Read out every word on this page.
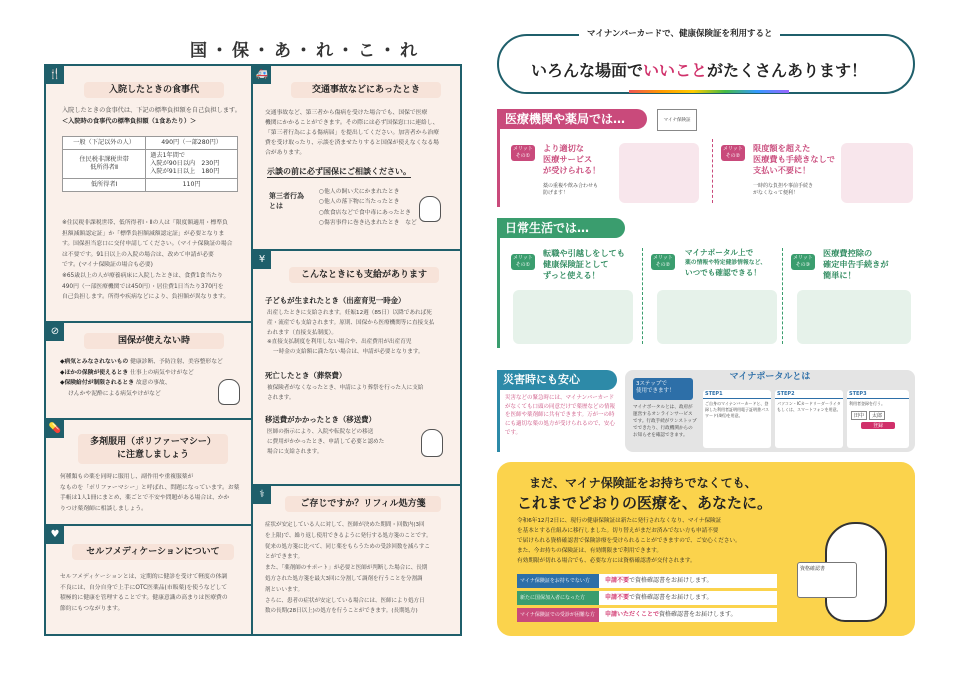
国・保・あ・れ・こ・れ
🍴
入院したときの食事代
入院したときの食事代は、下記の標準負担額を自己負担します。
＜入院時の食事代の標準負担額（1食あたり）＞
一般（下記以外の人）	490円（一部280円）
住民税非課税世帯
低所得者Ⅱ	過去1年間で
入院が90日以内　230円
入院が91日以上　180円
低所得者Ⅰ	110円
※住民税非課税世帯、低所得者Ⅰ・Ⅱの人は「限度額適用・標準負
担額減額認定証」か「標準負担額減額認定証」が必要となりま
す。国保担当窓口に交付申請してください。（マイナ保険証の場合
は不要です。91日以上の入院の場合は、改めて申請が必要
です。(マイナ保険証の場合も必要)
※65歳以上の人が療養病床に入院したときは、食費1食当たり
490円（一部医療機関では450円）・居住費1日当たり370円を
自己負担します。所得や疾病などにより、負担額が異なります。
🚑
交通事故などにあったとき
交通事故など、第三者から傷病を受けた場合でも、国保で医療
機関にかかることができます。その際には必ず国保窓口に連絡し、
「第三者行為による傷病届」を提出してください。加害者から治療
費を受け取ったり、示談を済ませたりすると国保が使えなくなる場
合があります。
示談の前に必ず国保にご相談ください。
第三者行為
とは
○他人の飼い犬にかまれたとき
○他人の落下物に当たったとき
○飲食店などで食中毒にあったとき
○傷害事件に巻き込まれたとき　など
⊘
国保が使えない時
◆病気とみなされないもの 健康診断、予防注射、美容整形など
◆ほかの保険が使えるとき 仕事上の病気やけがなど
◆保険給付が制限されるとき 故意の事故、
けんかや泥酔による病気やけがなど
💊
多剤服用（ポリファーマシー）
に注意しましょう
何種類もの薬を同時に服用し、副作用や重複服薬が
なものを「ポリファーマシー」と呼ばれ、問題になっています。お薬
手帳は1人1冊にまとめ、薬ごとで不安や問題がある場合は、かか
りつけ薬剤師に相談しましょう。
♥
セルフメディケーションについて
セルフメディケーションとは、定期的に健診を受けて軽度の体調
不良には、自分自身で上手にOTC医薬品(市販薬)を使うなどして
積極的に健康を管理することです。健康意識の高まりは医療費の
節約にもつながります。
¥
こんなときにも支給があります
子どもが生まれたとき（出産育児一時金）
出産したときに支給されます。妊娠12週（85日）以降であれば死
産・流産でも支給されます。原則、国保から医療機関等に直接支払
われます（直接支払制度）。
※直接支払制度を利用しない場合や、出産費用が出産育児
一時金の支給額に満たない場合は、申請が必要となります。
死亡したとき（葬祭費）
被保険者がなくなったとき、申請により葬祭を行った人に支給
されます。
移送費がかかったとき（移送費）
医師の指示により、入院や転院などの移送
に費用がかかったとき、申請して必要と認めた
場合に支給されます。
⚕
ご存じですか？リフィル処方箋
症状が安定している人に対して、医師が決めた期間・回数内(3回
を上限)で、繰り返し使用できるように発行する処方箋のことです。
従来の処方箋に比べて、同じ薬をもらうための受診回数を減らすこ
とができます。
また、「薬剤師のサポート」が必要と医師が判断した場合に、長期
処方された処方箋を最大3回に分割して調剤を行うことを分割調
剤といいます。
さらに、患者の症状が安定している場合には、医師により処方日
数の長期(28日以上)の処方を行うことができます。(長期処方)
マイナンバーカードで、健康保険証を利用すると
いろんな場面でいいことがたくさんあります！
医療機関や薬局では…	マイナ保険証
メリット
その①
より適切な
医療サービス
が受けられる！
薬の重複や飲み合わせも
防げます！
メリット
その②
限度額を超えた
医療費も手続きなしで
支払い不要に！
一時的な負担や事前手続き
がなくなって便利！
日常生活では…
メリット
その①
転職や引越しをしても
健康保険証として
ずっと使える！
メリット
その②
マイナポータル上で
薬の情報や特定健診情報など、
いつでも確認できる！
メリット
その③
医療費控除の
確定申告手続きが
簡単に！
災害時にも安心
災害などの緊急時には、マイナンバーカードがなくても口頭の同意だけで薬歴などの情報を医師や薬剤師に共有できます。万が一の時にも適切な薬の処方が受けられるので、安心です。
マイナポータルとは
3ステップで
使用できます！
マイナポータルとは、政府が運営するオンラインサービスです。行政手続がワンストップでできたり、行政機関からのお知らせを確認できます。
STEP1
ご自身のマイナンバーカードと、登録した利用者証明用電子証明書パスワード(4桁)を用意。
STEP2
パソコン・ICカードリーダーライタもしくは、スマートフォンを用意。
STEP3
利用者登録を行う。
田中	太郎
登録
まだ、マイナ保険証をお持ちでなくても、
これまでどおりの医療を、あなたに。
令和6年12月2日に、現行の健康保険証は新たに発行されなくなり、マイナ保険証
を基本とする仕組みに移行しました。切り替えがまだお済みでない方も申請不要
で届けられる資格確認書で保険診療を受けられることができますので、ご安心ください。
また、今お持ちの保険証は、有効期限まで利用できます。
有効期限が切れる場合でも、必要な方には資格確認書が交付されます。
マイナ保険証をお持ちでない方	申請不要で資格確認書をお届けします。
新たに国保加入者になった方	申請不要で資格確認書をお届けします。
マイナ保険証での受診が困難な方	申請いただくことで資格確認書をお届けします。
資格確認書
